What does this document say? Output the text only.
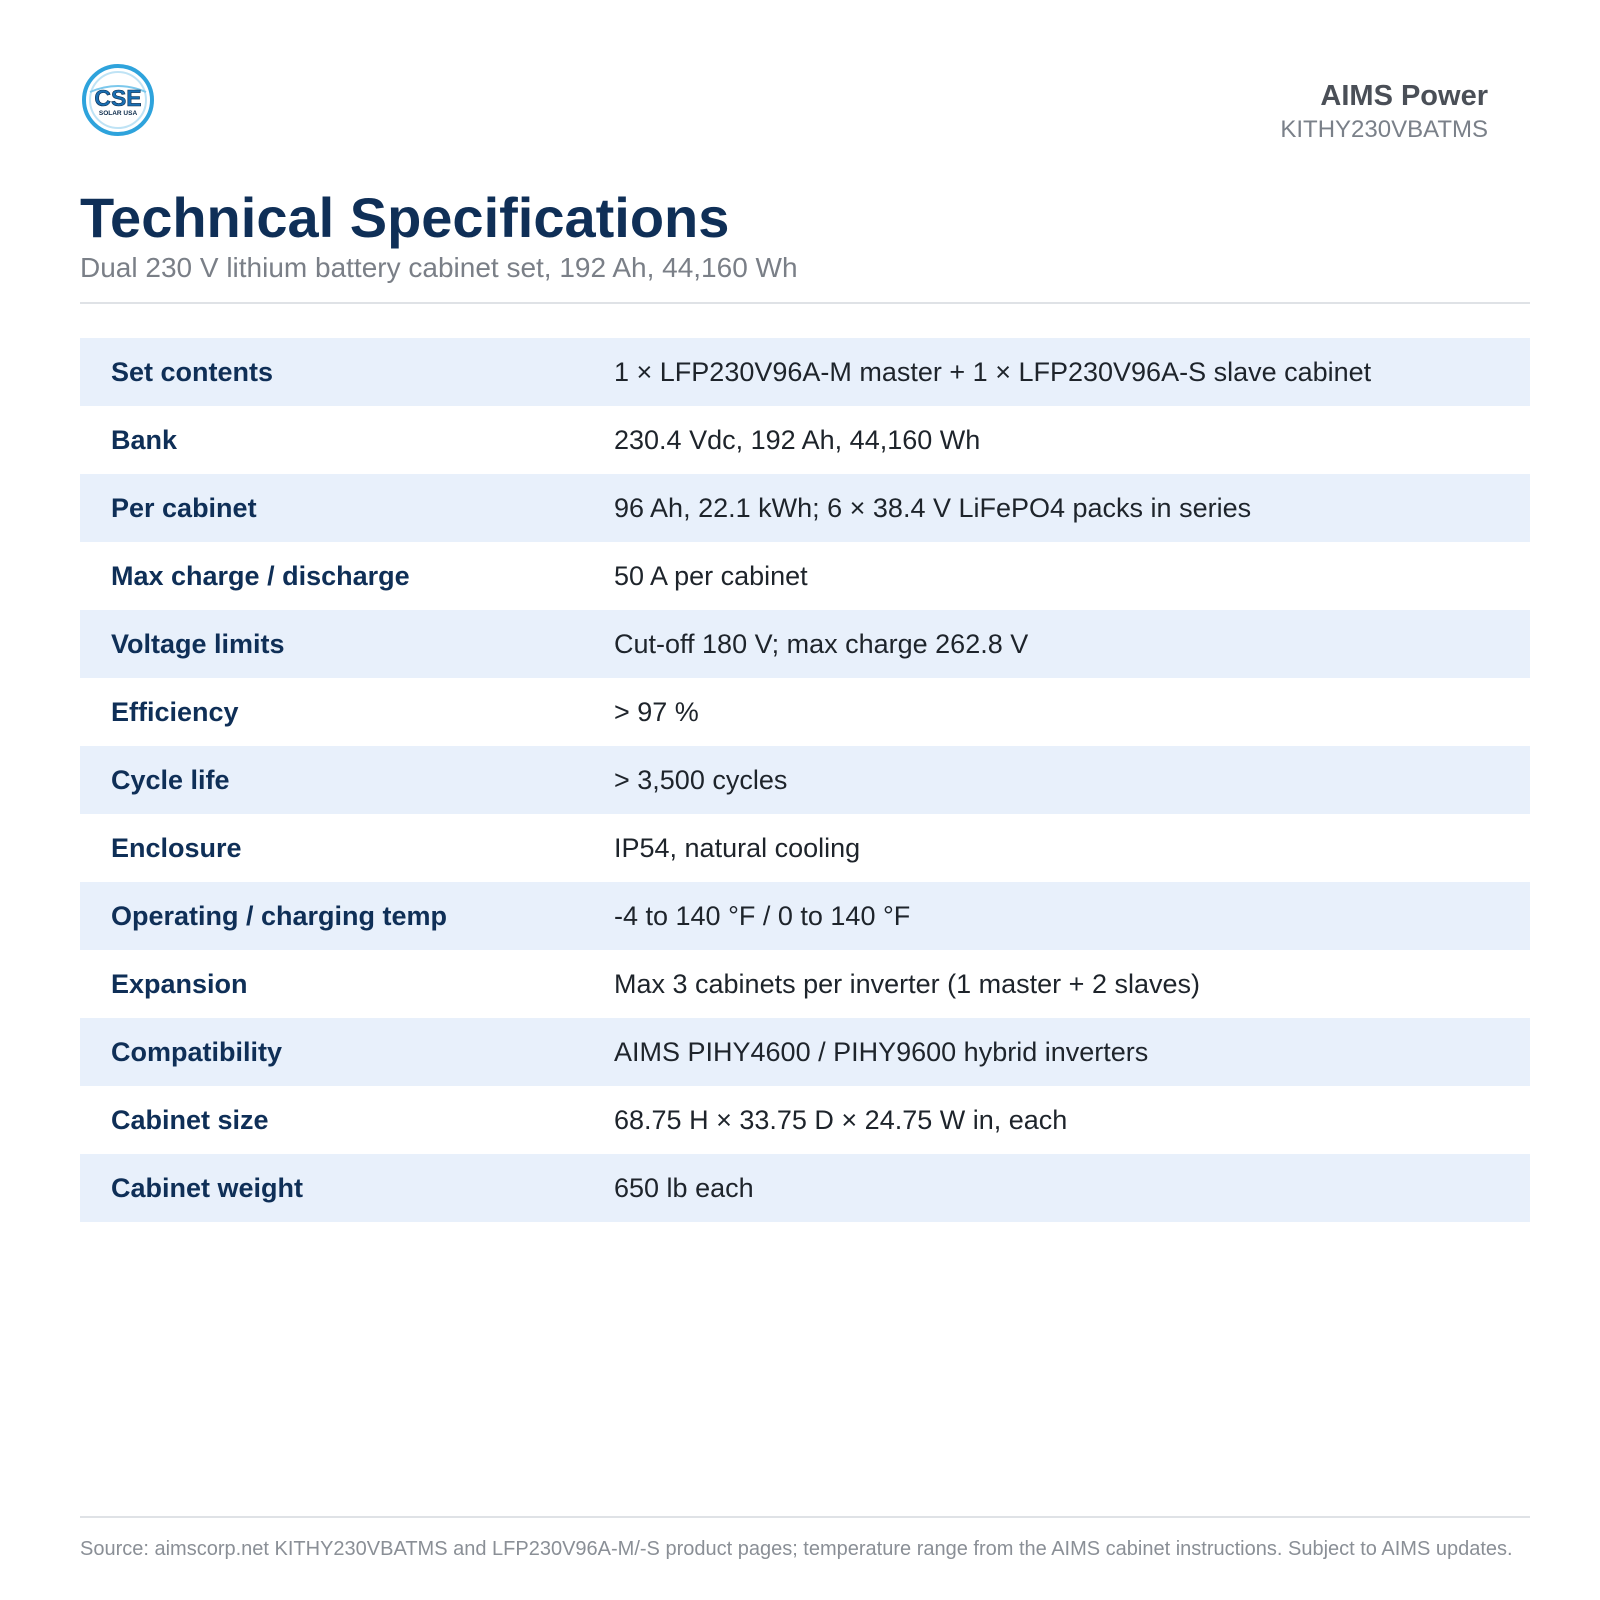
CSE
SOLAR USA
AIMS Power
KITHY230VBATMS
Technical Specifications
Dual 230 V lithium battery cabinet set, 192 Ah, 44,160 Wh
Set contents	1 × LFP230V96A-M master + 1 × LFP230V96A-S slave cabinet
Bank	230.4 Vdc, 192 Ah, 44,160 Wh
Per cabinet	96 Ah, 22.1 kWh; 6 × 38.4 V LiFePO4 packs in series
Max charge / discharge	50 A per cabinet
Voltage limits	Cut-off 180 V; max charge 262.8 V
Efficiency	> 97 %
Cycle life	> 3,500 cycles
Enclosure	IP54, natural cooling
Operating / charging temp	-4 to 140 °F / 0 to 140 °F
Expansion	Max 3 cabinets per inverter (1 master + 2 slaves)
Compatibility	AIMS PIHY4600 / PIHY9600 hybrid inverters
Cabinet size	68.75 H × 33.75 D × 24.75 W in, each
Cabinet weight	650 lb each
Source: aimscorp.net KITHY230VBATMS and LFP230V96A-M/-S product pages; temperature range from the AIMS cabinet instructions. Subject to AIMS updates.
